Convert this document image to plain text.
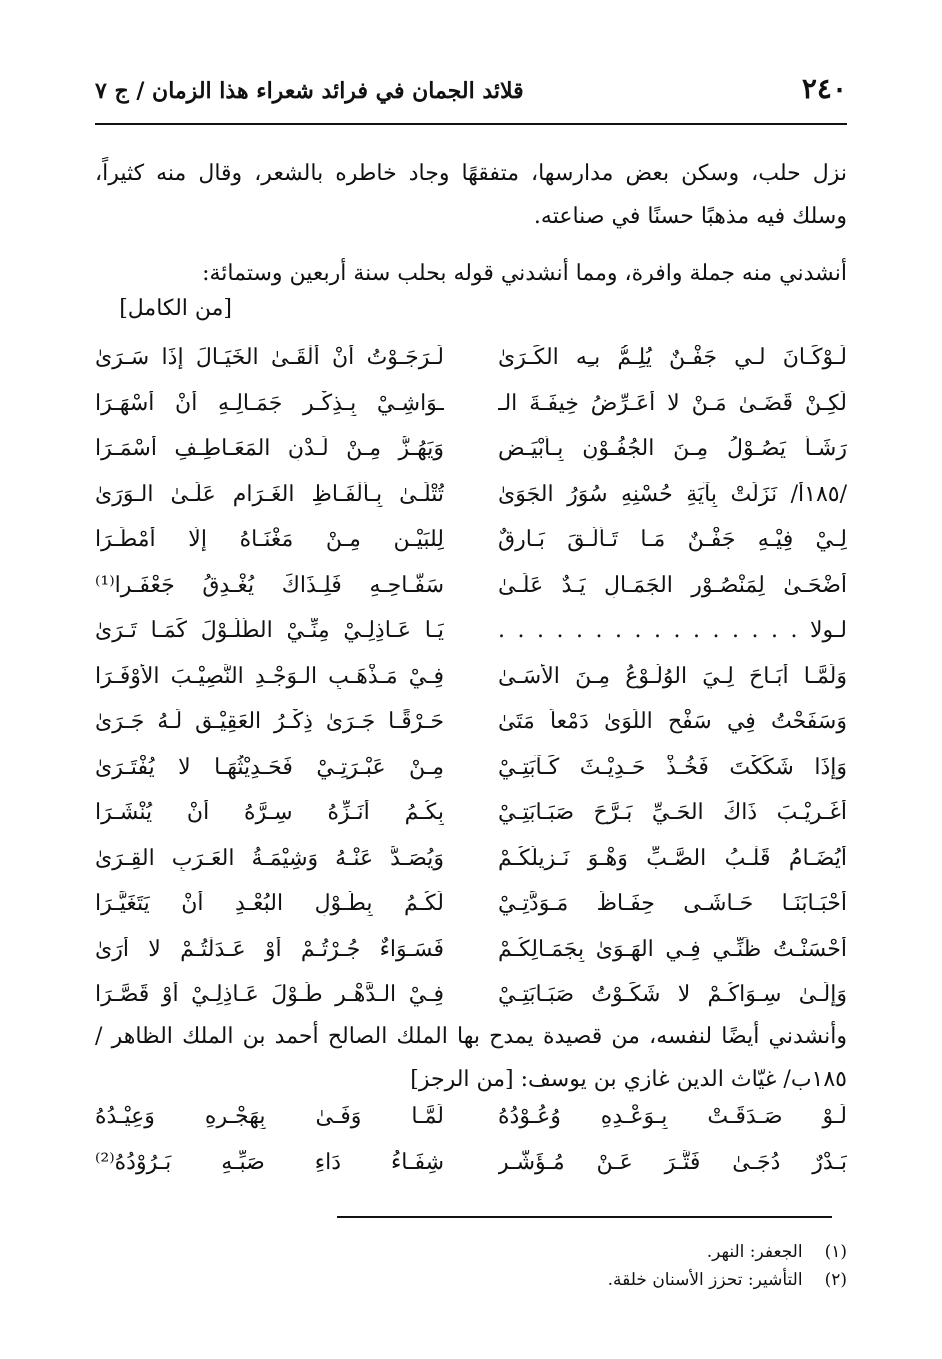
٢٤٠
قلائد الجمان في فرائد شعراء هذا الزمان / ج ٧
نزل حلب، وسكن بعض مدارسها، متفقهًا وجاد خاطره بالشعر، وقال منه كثيراً، وسلك فيه مذهبًا حسنًا في صناعته.
أنشدني منه جملة وافرة، ومما أنشدني قوله بحلب سنة أربعين وستمائة:
[من الكامل]
لَـوْكَـانَ لـي جَفْـنٌ يُلِـمُّ بـِه الكَـرَىٰ
لَـرَجَـوْتُ أَنْ أَلْقَـىٰ الخَيَـالَ إِذَا سَـرَىٰ
لَكِـنْ قَضَـىٰ مَـنْ لا أُعَـرِّضُ خِيفَـةَ الـ
ـوَاشِـيْ بِـذِكْـرِ جَمَـالِـهِ أَنْ أَسْهَـرَا
رَشَـأٌ يَصُـوْلُ مِـنَ الجُفُـوْنِ بِـأَبْيَـضٍ
وَيَهُـزُّ مِـنْ لَـدْنِ المَعَـاطِـفِ أَسْمَـرَا
/١٨٥أ/ نَزَلَتْ بِآيَةِ حُسْنِهِ سُوَرُ الجَوَىٰ
تُتْلَـىٰ بِـأَلْفَـاظِ الغَـرَامِ عَلَـىٰ الـوَرَىٰ
لِـيْ فِيْـهِ جَفْـنٌ مَـا تَـأَلَّـقَ بَـارِقٌ
لِلبَيْـنِ مِـنْ مَغْنَـاهُ إِلَّا أَمْطَـرَا
أَضْحَـىٰ لِمَنْصُـوْرِ الجَمَـالِ يَـدٌ عَلَـىٰ
سَفَّـاحِـهِ فَلِـذَاكَ يُغْـدِقُ جَعْفَـرا⁽¹⁾
لـولا . . . . . . . . . . . . . . . .
يَـا عَـاذِلِـيْ مِنِّـيْ الطُّلُـوْلَ كَمَـا تَـرَىٰ
وَلَمَّـا أَبَـاحَ لِـيَ الوُلُـوْعُ مِـنَ الأَسَـىٰ
فِـيْ مَـذْهَـبِ الـوَجْـدِ النَّصِيْـبَ الأَوْفَـرَا
وَسَفَحْتُ فِي سَفْحِ اللِّوَىٰ دَمْعاً مَتَىٰ
حَـرْقًـا جَـرَىٰ ذِكْـرُ العَقِيْـقِ لَـهُ جَـرَىٰ
وَإِذَا شَكَكْتَ فَخُـذْ حَـدِيْـثَ كَـآبَتِـيْ
مِـنْ عَبْـرَتِـيْ فَحَـدِيْثُهَـا لا يُفْتَـرَىٰ
أَغَـرِيْـبَ ذَاكَ الحَـيِّ بَـرَّحَ صَبَـابَتِـيْ
بِكُـمُ أُنَـزِّهُ سِـرَّهُ أَنْ يُنْشَـرَا
أَيُضَـامُ قَلْـبُ الصَّـبِّ وَهْـوَ نَـزِيلُكُـمْ
وَيُصَـدُّ عَنْـهُ وَشِيْمَـةُ العَـرَبِ القِـرَىٰ
أَحْبَـابَنَـا حَـاشَـى حِفَـاظَ مَـوَدَّتِـيْ
لَكُـمُ بِطُـوْلِ البُعْـدِ أَنْ يَتَغَيَّـرَا
أَحْسَنْـتُ ظَنِّـي فِـي الهَـوَىٰ بِجَمَـالِكُـمْ
فَسَـوَاءٌ جُـرْتُـمْ أَوْ عَـدَلْتُـمْ لا أَرَىٰ
وَإِلَـىٰ سِـوَاكُـمْ لا شَكَـوْتُ صَبَـابَتِـيْ
فِـيْ الـدَّهْـرِ طُـوْلَ عَـاذِلِـيْ أَوْ قَصَّـرَا
وأنشدني أيضًا لنفسه، من قصيدة يمدح بها الملك الصالح أحمد بن الملك الظاهر /١٨٥ب/ غيّاث الدين غازي بن يوسف: [من الرجز]
لَـوْ صَـدَقَـتْ بِـوَعْـدِهِ وُعُـوْدُهُ
لَمَّـا وَفَـىٰ بِهَجْـرِهِ وَعِيْـدُهُ
بَـدْرٌ دُجَـىٰ فَتَّـرَ عَـنْ مُـؤَشَّـرِ
شِفَـاءُ دَاءِ صَبِّـهِ بَـرُوْدُهُ⁽²⁾
(١)
الجعفر: النهر.
(٢)
التأشير: تحزز الأسنان خلقة.
